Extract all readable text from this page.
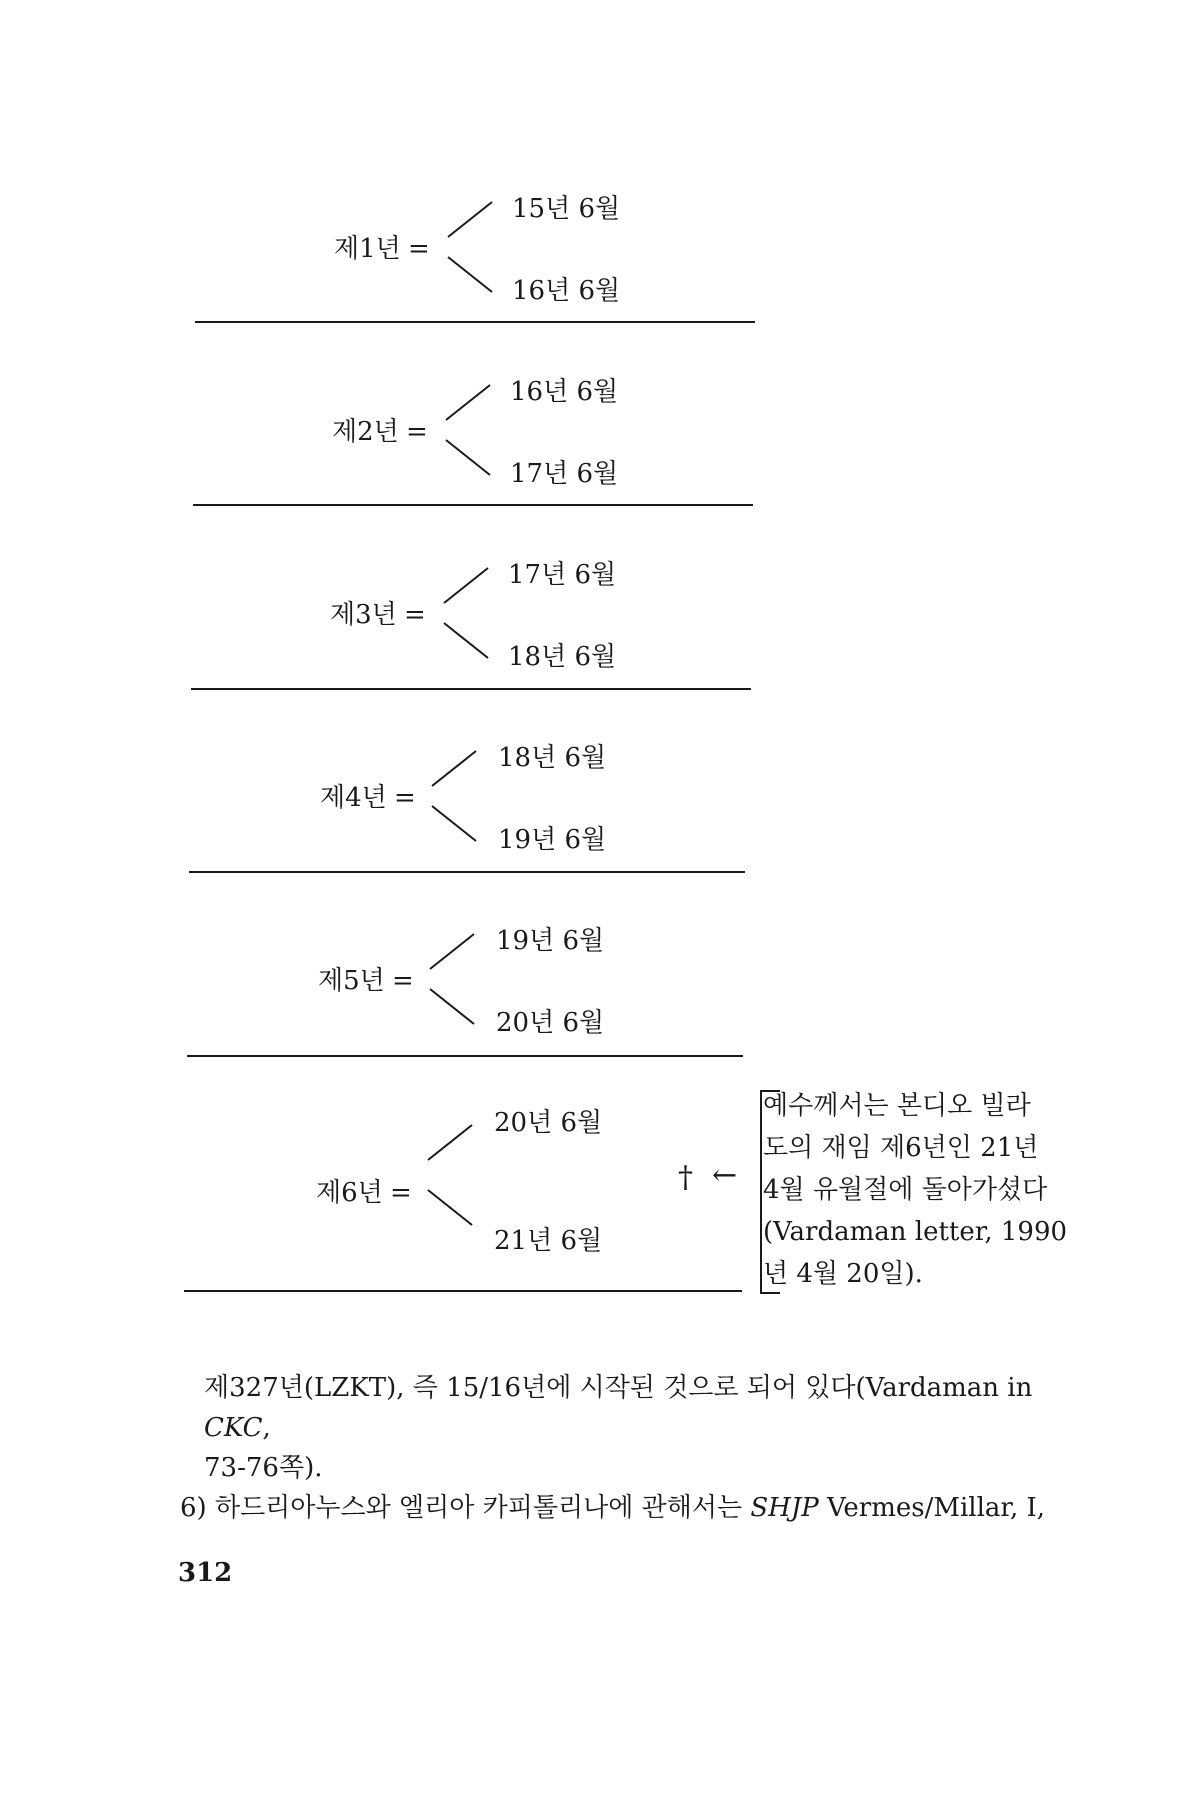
제1년 =
15년 6월
16년 6월
제2년 =
16년 6월
17년 6월
제3년 =
17년 6월
18년 6월
제4년 =
18년 6월
19년 6월
제5년 =
19년 6월
20년 6월
제6년 =
20년 6월
21년 6월
† ←
예수께서는 본디오 빌라
도의 재임 제6년인 21년
4월 유월절에 돌아가셨다
(Vardaman letter, 1990
년 4월 20일).
제327년(LZKT), 즉 15/16년에 시작된 것으로 되어 있다(Vardaman in CKC,
73-76쪽).
6) 하드리아누스와 엘리아 카피톨리나에 관해서는 SHJP Vermes/Millar, Ⅰ,
312
